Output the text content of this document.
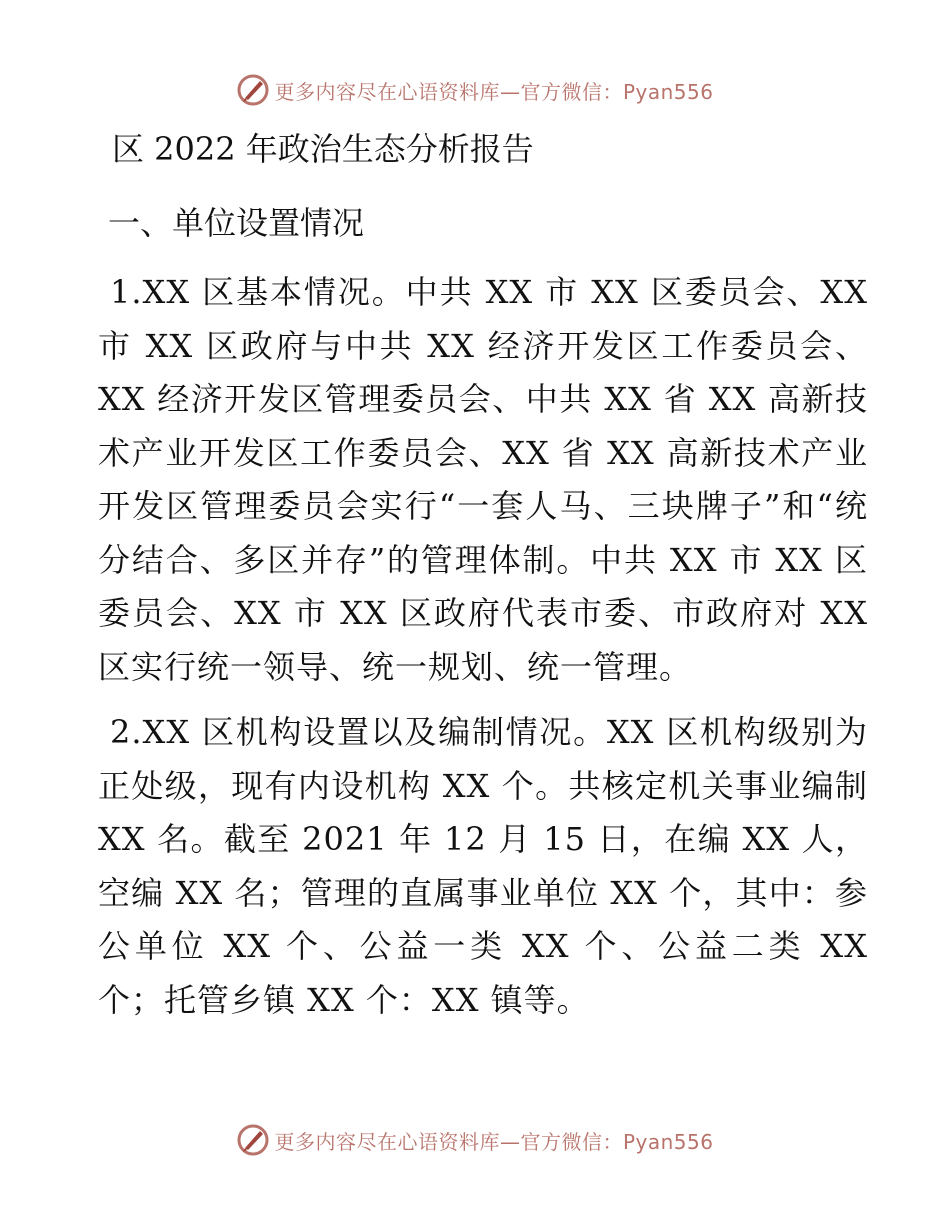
更多内容尽在心语资料库—官方微信：Pyan556
区 2022 年政治生态分析报告
一、单位设置情况

1.XX 区基本情况。中共 XX 市 XX 区委员会、XX 市 XX 区政府与中共 XX 经济开发区工作委员会、XX 经济开发区管理委员会、中共 XX 省 XX 高新技术产业开发区工作委员会、XX 省 XX 高新技术产业开发区管理委员会实行“一套人马、三块牌子”和“统分结合、多区并存”的管理体制。中共 XX 市 XX 区委员会、XX 市 XX 区政府代表市委、市政府对 XX 区实行统一领导、统一规划、统一管理。

2.XX 区机构设置以及编制情况。XX 区机构级别为正处级，现有内设机构 XX 个。共核定机关事业编制 XX 名。截至 2021 年 12 月 15 日，在编 XX 人，空编 XX 名；管理的直属事业单位 XX 个，其中：参公单位 XX 个、公益一类 XX 个、公益二类 XX 个；托管乡镇 XX 个：XX 镇等。

更多内容尽在心语资料库—官方微信：Pyan556
